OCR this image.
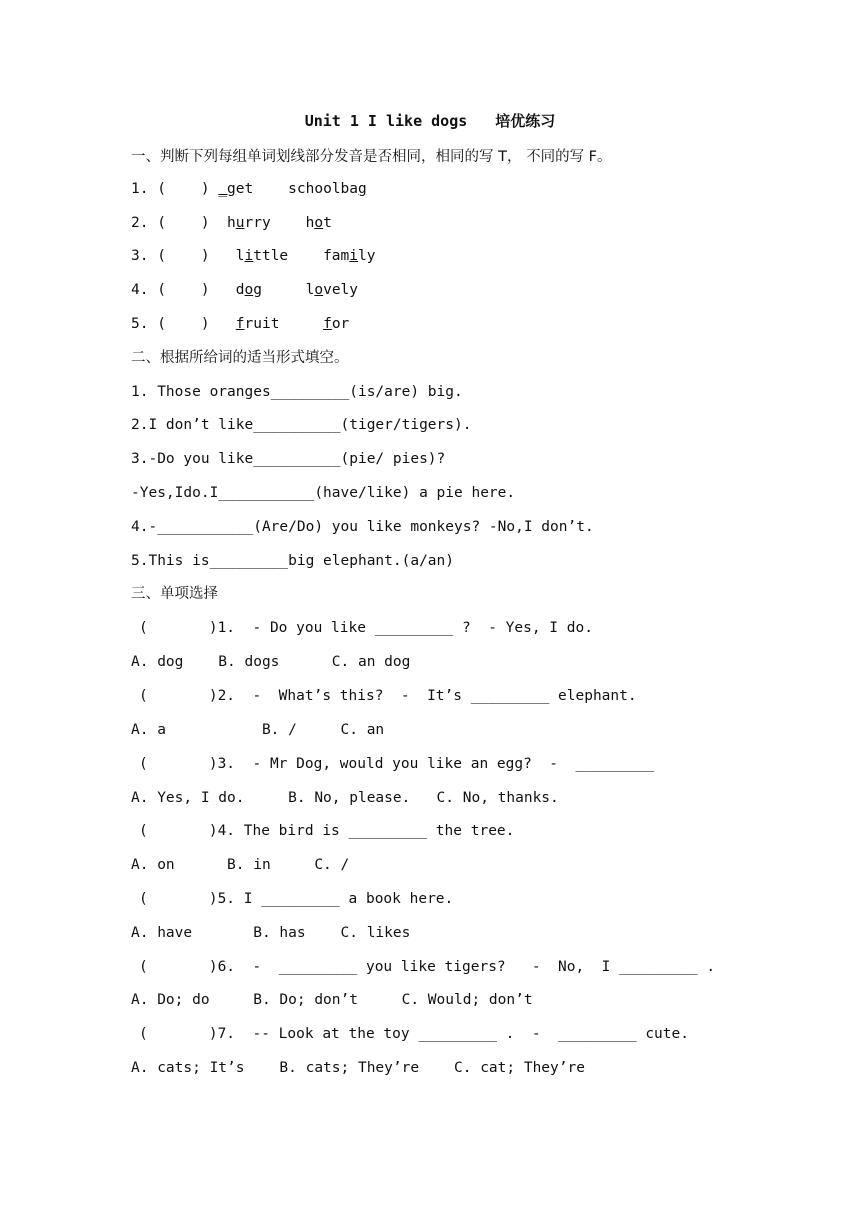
Unit 1 I like dogs 培优练习
一、判断下列每组单词划线部分发音是否相同，相同的写 T， 不同的写 F。
1. (    ) _get schoolbag
2. (    )  hurry hot
3. (    )   little family
4. (    )   dog	lovely
5. (    )   fruit	for
二、根据所给词的适当形式填空。
1. Those oranges_________(is/are) big.
2.I don’t like__________(tiger/tigers).
3.-Do you like__________(pie/ pies)?
-Yes,Ido.I___________(have/like) a pie here.
4.-___________(Are/Do) you like monkeys? -No,I don’t.
5.This is_________big elephant.(a/an)
三、单项选择
(       )1.  - Do you like _________ ?  - Yes, I do.
A. dog    B. dogs      C. an dog
(       )2.  -  What’s this?  -  It’s _________ elephant.
A. a           B. /     C. an
(       )3.  - Mr Dog, would you like an egg?  -  _________
A. Yes, I do.     B. No, please.   C. No, thanks.
(       )4. The bird is _________ the tree.
A. on      B. in     C. /
(       )5. I _________ a book here.
A. have       B. has    C. likes
(       )6.  -  _________ you like tigers?   -  No,  I _________ .
A. Do; do     B. Do; don’t     C. Would; don’t
(       )7.  -- Look at the toy _________ .  -  _________ cute.
A. cats; It’s    B. cats; They’re    C. cat; They’re
